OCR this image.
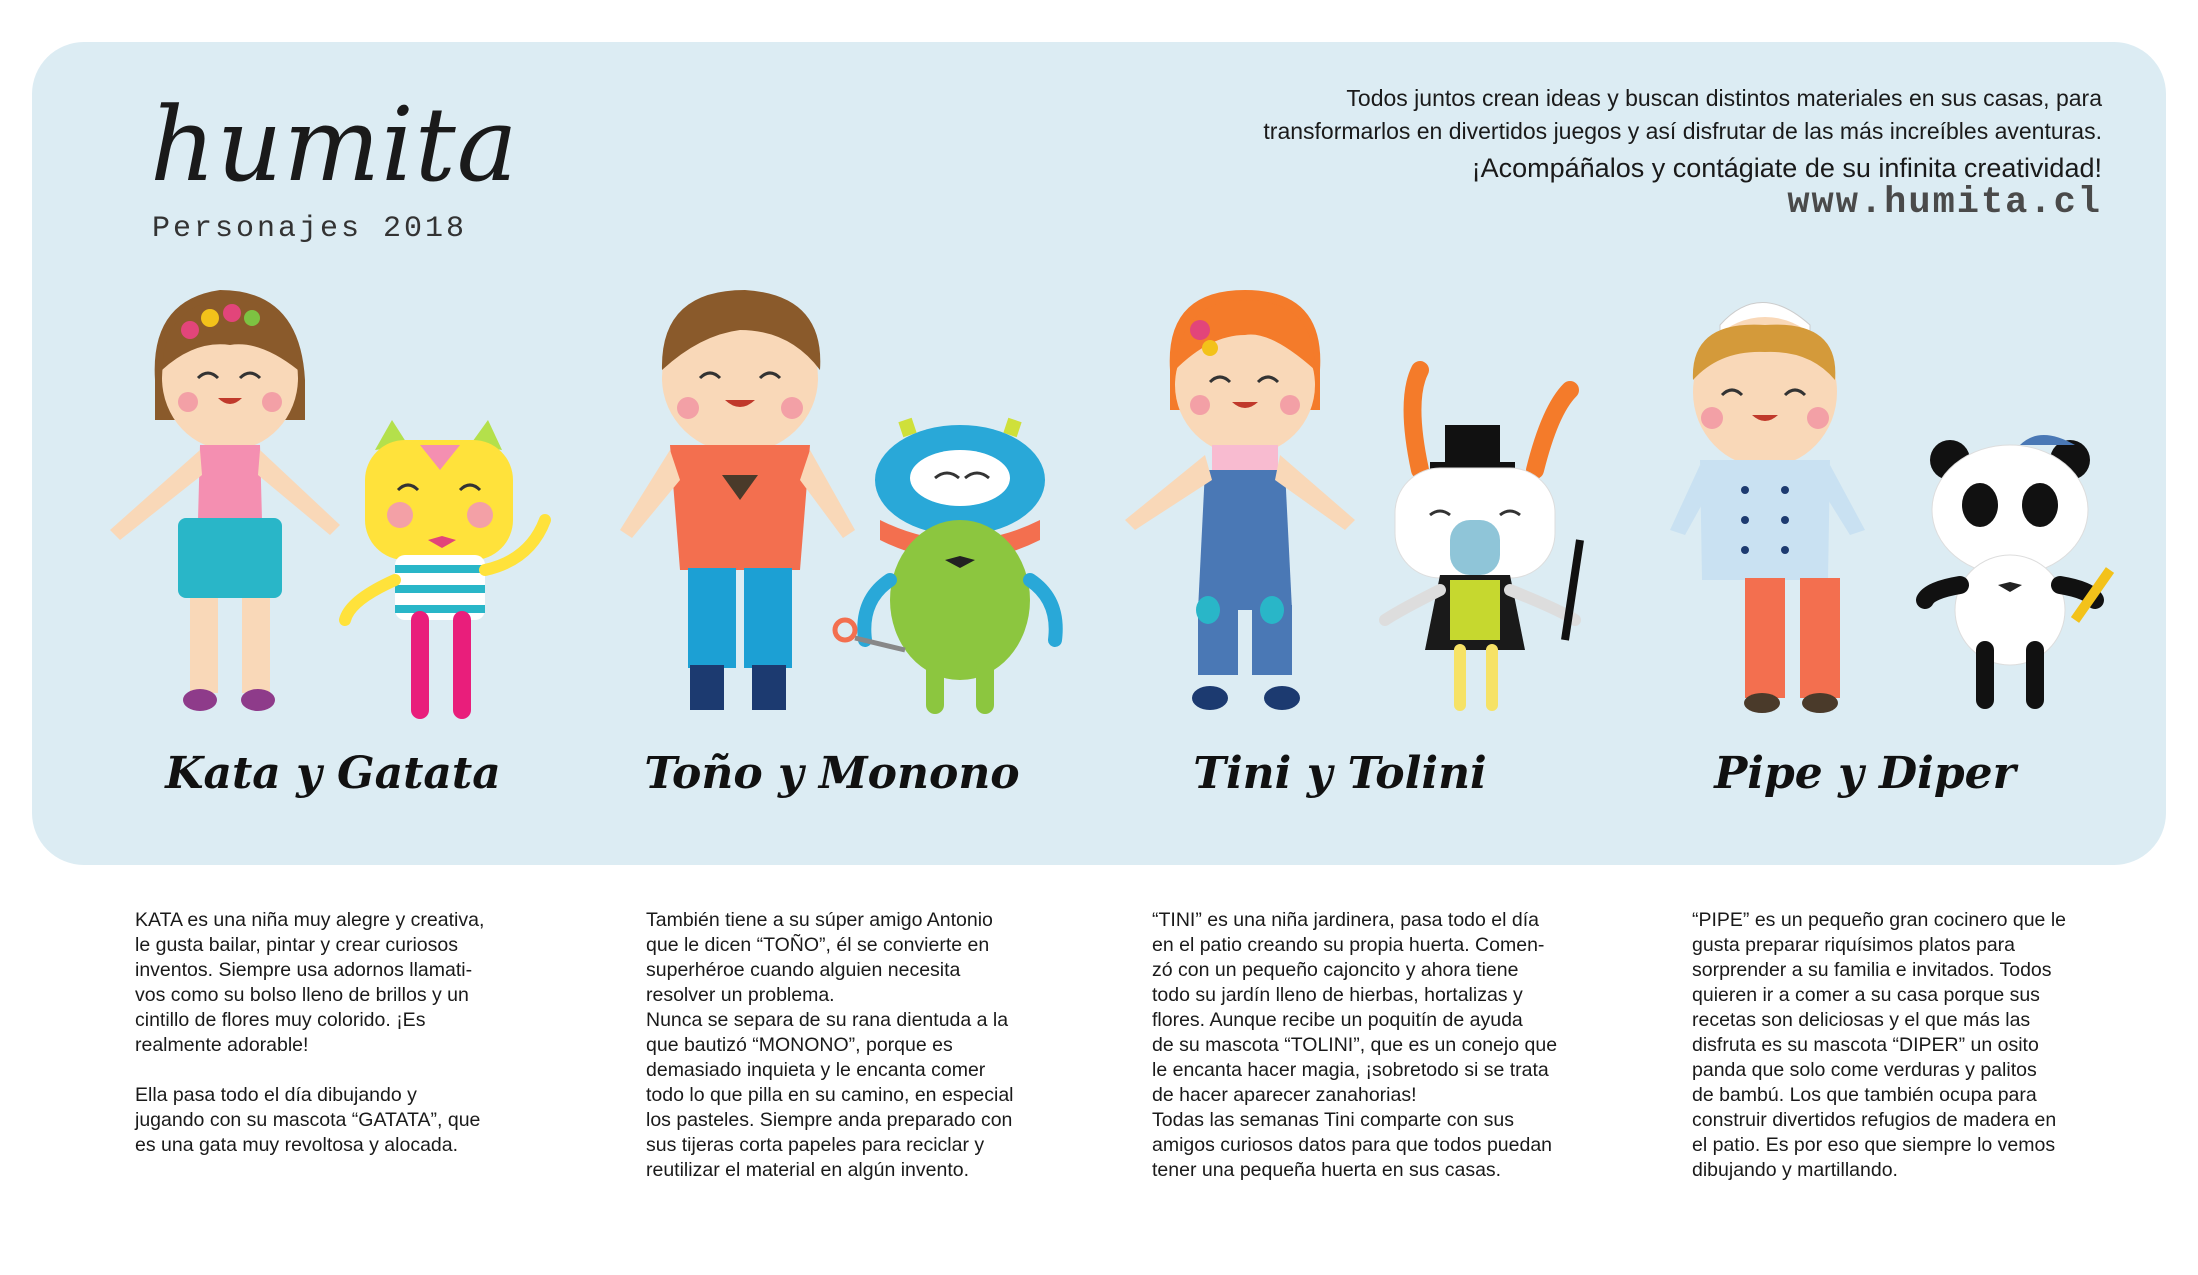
humita
Personajes 2018
Todos juntos crean ideas y buscan distintos materiales en sus casas, para
transformarlos en divertidos juegos y así disfrutar de las más increíbles aventuras.
¡Acompáñalos y contágiate de su infinita creatividad!
www.humita.cl
Kata y Gatata	Toño y Monono	Tini y Tolini	Pipe y Diper
KATA es una niña muy alegre y creativa,
le gusta bailar, pintar y crear curiosos
inventos. Siempre usa adornos llamati-
vos como su bolso lleno de brillos y un
cintillo de flores muy colorido. ¡Es
realmente adorable!

Ella pasa todo el día dibujando y
jugando con su mascota “GATATA”, que
es una gata muy revoltosa y alocada.
También tiene a su súper amigo Antonio
que le dicen “TOÑO”, él se convierte en
superhéroe cuando alguien necesita
resolver un problema.
Nunca se separa de su rana dientuda a la
que bautizó “MONONO”, porque es
demasiado inquieta y le encanta comer
todo lo que pilla en su camino, en especial
los pasteles. Siempre anda preparado con
sus tijeras corta papeles para reciclar y
reutilizar el material en algún invento.
“TINI” es una niña jardinera, pasa todo el día
en el patio creando su propia huerta. Comen-
zó con un pequeño cajoncito y ahora tiene
todo su jardín lleno de hierbas, hortalizas y
flores. Aunque recibe un poquitín de ayuda
de su mascota “TOLINI”, que es un conejo que
le encanta hacer magia, ¡sobretodo si se trata
de hacer aparecer zanahorias!
Todas las semanas Tini comparte con sus
amigos curiosos datos para que todos puedan
tener una pequeña huerta en sus casas.
“PIPE” es un pequeño gran cocinero que le
gusta preparar riquísimos platos para
sorprender a su familia e invitados. Todos
quieren ir a comer a su casa porque sus
recetas son deliciosas y el que más las
disfruta es su mascota “DIPER” un osito
panda que solo come verduras y palitos
de bambú. Los que también ocupa para
construir divertidos refugios de madera en
el patio. Es por eso que siempre lo vemos
dibujando y martillando.
